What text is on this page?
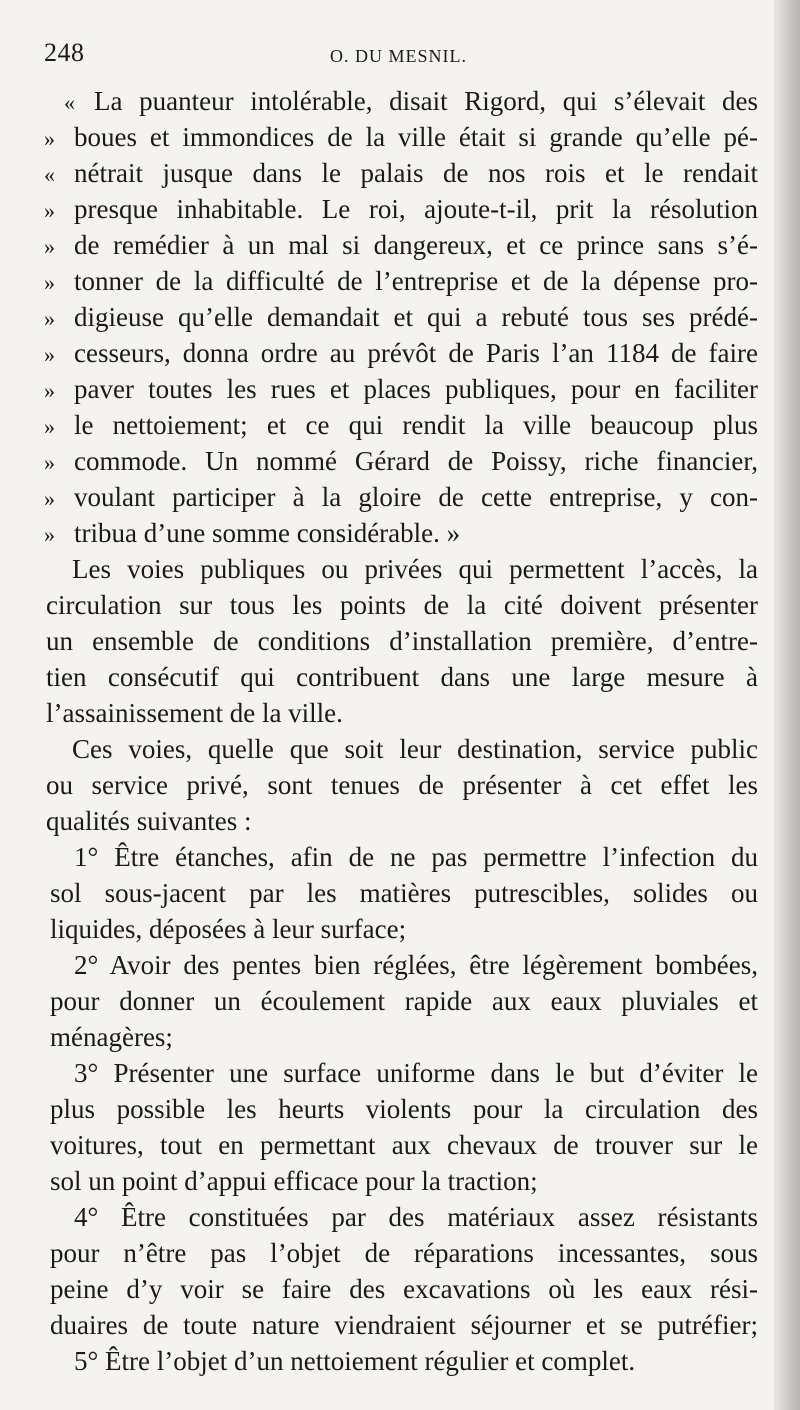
248	O. DU MESNIL.
« La puanteur intolérable, disait Rigord, qui s’élevait des
» boues et immondices de la ville était si grande qu’elle pé-
« nétrait jusque dans le palais de nos rois et le rendait
» presque inhabitable. Le roi, ajoute-t-il, prit la résolution
» de remédier à un mal si dangereux, et ce prince sans s’é-
» tonner de la difficulté de l’entreprise et de la dépense pro-
» digieuse qu’elle demandait et qui a rebuté tous ses prédé-
» cesseurs, donna ordre au prévôt de Paris l’an 1184 de faire
» paver toutes les rues et places publiques, pour en faciliter
» le nettoiement; et ce qui rendit la ville beaucoup plus
» commode. Un nommé Gérard de Poissy, riche financier,
» voulant participer à la gloire de cette entreprise, y con-
» tribua d’une somme considérable. »
Les voies publiques ou privées qui permettent l’accès, la
circulation sur tous les points de la cité doivent présenter
un ensemble de conditions d’installation première, d’entre-
tien consécutif qui contribuent dans une large mesure à
l’assainissement de la ville.
Ces voies, quelle que soit leur destination, service public
ou service privé, sont tenues de présenter à cet effet les
qualités suivantes :
1° Être étanches, afin de ne pas permettre l’infection du
sol sous-jacent par les matières putrescibles, solides ou
liquides, déposées à leur surface;
2° Avoir des pentes bien réglées, être légèrement bombées,
pour donner un écoulement rapide aux eaux pluviales et
ménagères;
3° Présenter une surface uniforme dans le but d’éviter le
plus possible les heurts violents pour la circulation des
voitures, tout en permettant aux chevaux de trouver sur le
sol un point d’appui efficace pour la traction;
4° Être constituées par des matériaux assez résistants
pour n’être pas l’objet de réparations incessantes, sous
peine d’y voir se faire des excavations où les eaux rési-
duaires de toute nature viendraient séjourner et se putréfier;
5° Être l’objet d’un nettoiement régulier et complet.
